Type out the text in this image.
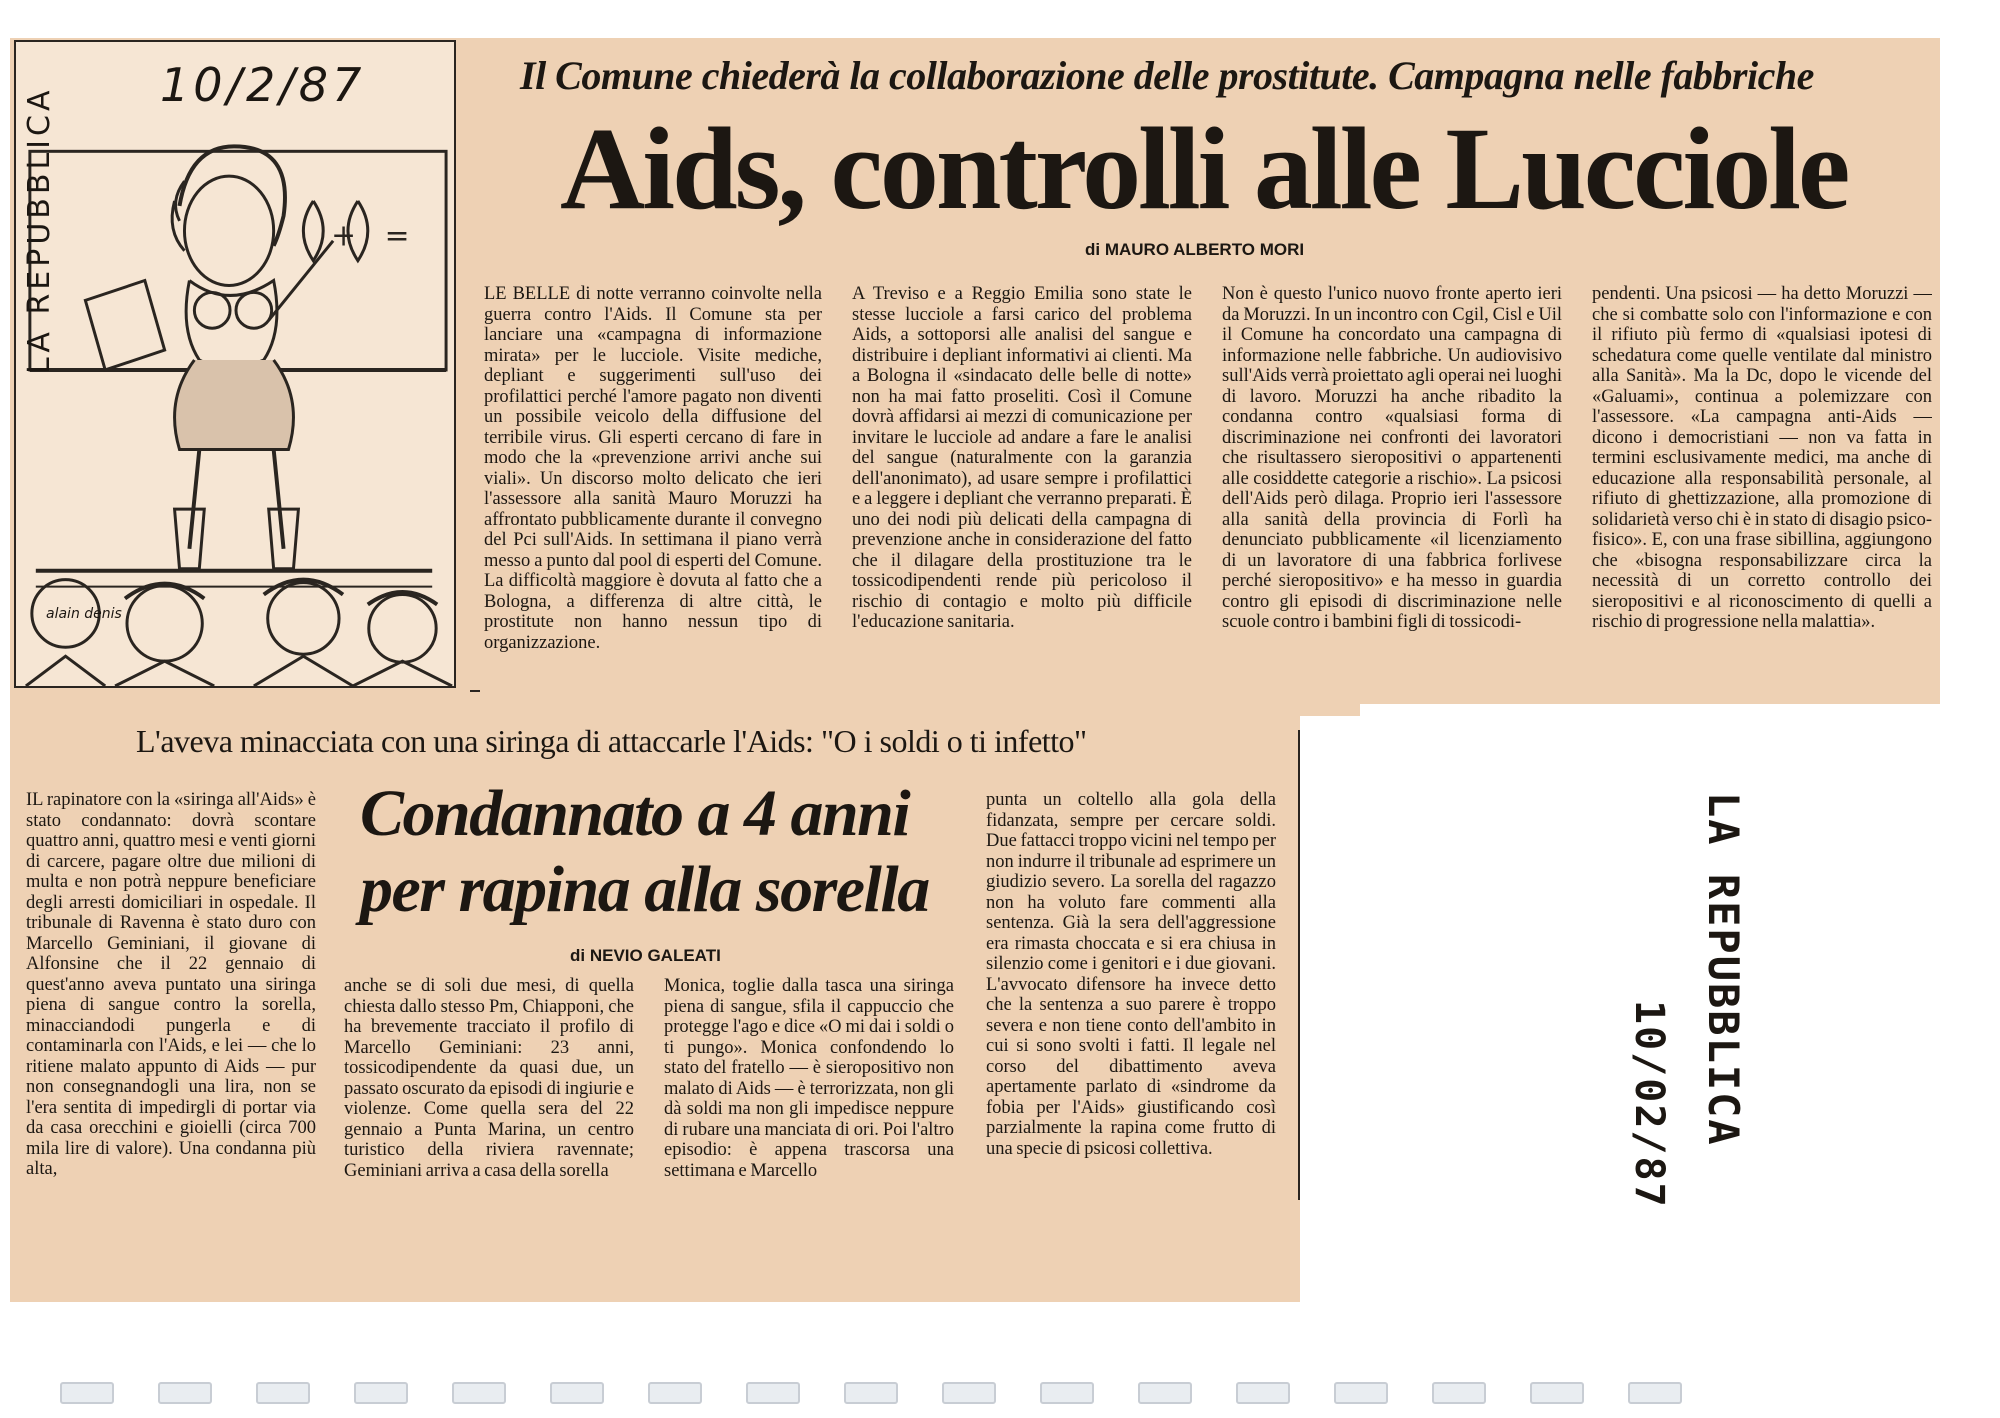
+ =
10/2/87
LA REPUBBLICA
alain denis
Il Comune chiederà la collaborazione delle prostitute. Campagna nelle fabbriche
Aids, controlli alle Lucciole
di MAURO ALBERTO MORI
LE BELLE di notte verranno coinvolte nella guerra contro l'Aids. Il Comune sta per lanciare una «campagna di informazione mirata» per le lucciole. Visite mediche, depliant e suggerimenti sull'uso dei profilattici perché l'amore pagato non diventi un possibile veicolo della diffusione del terribile virus. Gli esperti cercano di fare in modo che la «prevenzione arrivi anche sui viali». Un discorso molto delicato che ieri l'assessore alla sanità Mauro Moruzzi ha affrontato pubblicamente durante il convegno del Pci sull'Aids. In settimana il piano verrà messo a punto dal pool di esperti del Comune. La difficoltà maggiore è dovuta al fatto che a Bologna, a differenza di altre città, le prostitute non hanno nessun tipo di organizzazione.
A Treviso e a Reggio Emilia sono state le stesse lucciole a farsi carico del problema Aids, a sottoporsi alle analisi del sangue e distribuire i depliant informativi ai clienti. Ma a Bologna il «sindacato delle belle di notte» non ha mai fatto proseliti. Così il Comune dovrà affidarsi ai mezzi di comunicazione per invitare le lucciole ad andare a fare le analisi del sangue (naturalmente con la garanzia dell'anonimato), ad usare sempre i profilattici e a leggere i depliant che verranno preparati. È uno dei nodi più delicati della campagna di prevenzione anche in considerazione del fatto che il dilagare della prostituzione tra le tossicodipendenti rende più pericoloso il rischio di contagio e molto più difficile l'educazione sanitaria.
Non è questo l'unico nuovo fronte aperto ieri da Moruzzi. In un incontro con Cgil, Cisl e Uil il Comune ha concordato una campagna di informazione nelle fabbriche. Un audiovisivo sull'Aids verrà proiettato agli operai nei luoghi di lavoro. Moruzzi ha anche ribadito la condanna contro «qualsiasi forma di discriminazione nei confronti dei lavoratori che risultassero sieropositivi o appartenenti alle cosiddette categorie a rischio». La psicosi dell'Aids però dilaga. Proprio ieri l'assessore alla sanità della provincia di Forlì ha denunciato pubblicamente «il licenziamento di un lavoratore di una fabbrica forlivese perché sieropositivo» e ha messo in guardia contro gli episodi di discriminazione nelle scuole contro i bambini figli di tossicodi-
pendenti. Una psicosi — ha detto Moruzzi — che si combatte solo con l'informazione e con il rifiuto più fermo di «qualsiasi ipotesi di schedatura come quelle ventilate dal ministro alla Sanità». Ma la Dc, dopo le vicende del «Galuami», continua a polemizzare con l'assessore. «La campagna anti-Aids — dicono i democristiani — non va fatta in termini esclusivamente medici, ma anche di educazione alla responsabilità personale, al rifiuto di ghettizzazione, alla promozione di solidarietà verso chi è in stato di disagio psico-fisico». E, con una frase sibillina, aggiungono che «bisogna responsabilizzare circa la necessità di un corretto controllo dei sieropositivi e al riconoscimento di quelli a rischio di progressione nella malattia».
L'aveva minacciata con una siringa di attaccarle l'Aids: "O i soldi o ti infetto"
Condannato a 4 anni per rapina alla sorella
di NEVIO GALEATI
IL rapinatore con la «siringa all'Aids» è stato condannato: dovrà scontare quattro anni, quattro mesi e venti giorni di carcere, pagare oltre due milioni di multa e non potrà neppure beneficiare degli arresti domiciliari in ospedale. Il tribunale di Ravenna è stato duro con Marcello Geminiani, il giovane di Alfonsine che il 22 gennaio di quest'anno aveva puntato una siringa piena di sangue contro la sorella, minacciandodi pungerla e di contaminarla con l'Aids, e lei — che lo ritiene malato appunto di Aids — pur non consegnandogli una lira, non se l'era sentita di impedirgli di portar via da casa orecchini e gioielli (circa 700 mila lire di valore). Una condanna più alta,
anche se di soli due mesi, di quella chiesta dallo stesso Pm, Chiapponi, che ha brevemente tracciato il profilo di Marcello Geminiani: 23 anni, tossicodipendente da quasi due, un passato oscurato da episodi di ingiurie e violenze. Come quella sera del 22 gennaio a Punta Marina, un centro turistico della riviera ravennate; Geminiani arriva a casa della sorella
Monica, toglie dalla tasca una siringa piena di sangue, sfila il cappuccio che protegge l'ago e dice «O mi dai i soldi o ti pungo». Monica confondendo lo stato del fratello — è sieropositivo non malato di Aids — è terrorizzata, non gli dà soldi ma non gli impedisce neppure di rubare una manciata di ori. Poi l'altro episodio: è appena trascorsa una settimana e Marcello
punta un coltello alla gola della fidanzata, sempre per cercare soldi. Due fattacci troppo vicini nel tempo per non indurre il tribunale ad esprimere un giudizio severo. La sorella del ragazzo non ha voluto fare commenti alla sentenza. Già la sera dell'aggressione era rimasta choccata e si era chiusa in silenzio come i genitori e i due giovani. L'avvocato difensore ha invece detto che la sentenza a suo parere è troppo severa e non tiene conto dell'ambito in cui si sono svolti i fatti. Il legale nel corso del dibattimento aveva apertamente parlato di «sindrome da fobia per l'Aids» giustificando così parzialmente la rapina come frutto di una specie di psicosi collettiva.
LA REPUBBLICA
10/02/87
